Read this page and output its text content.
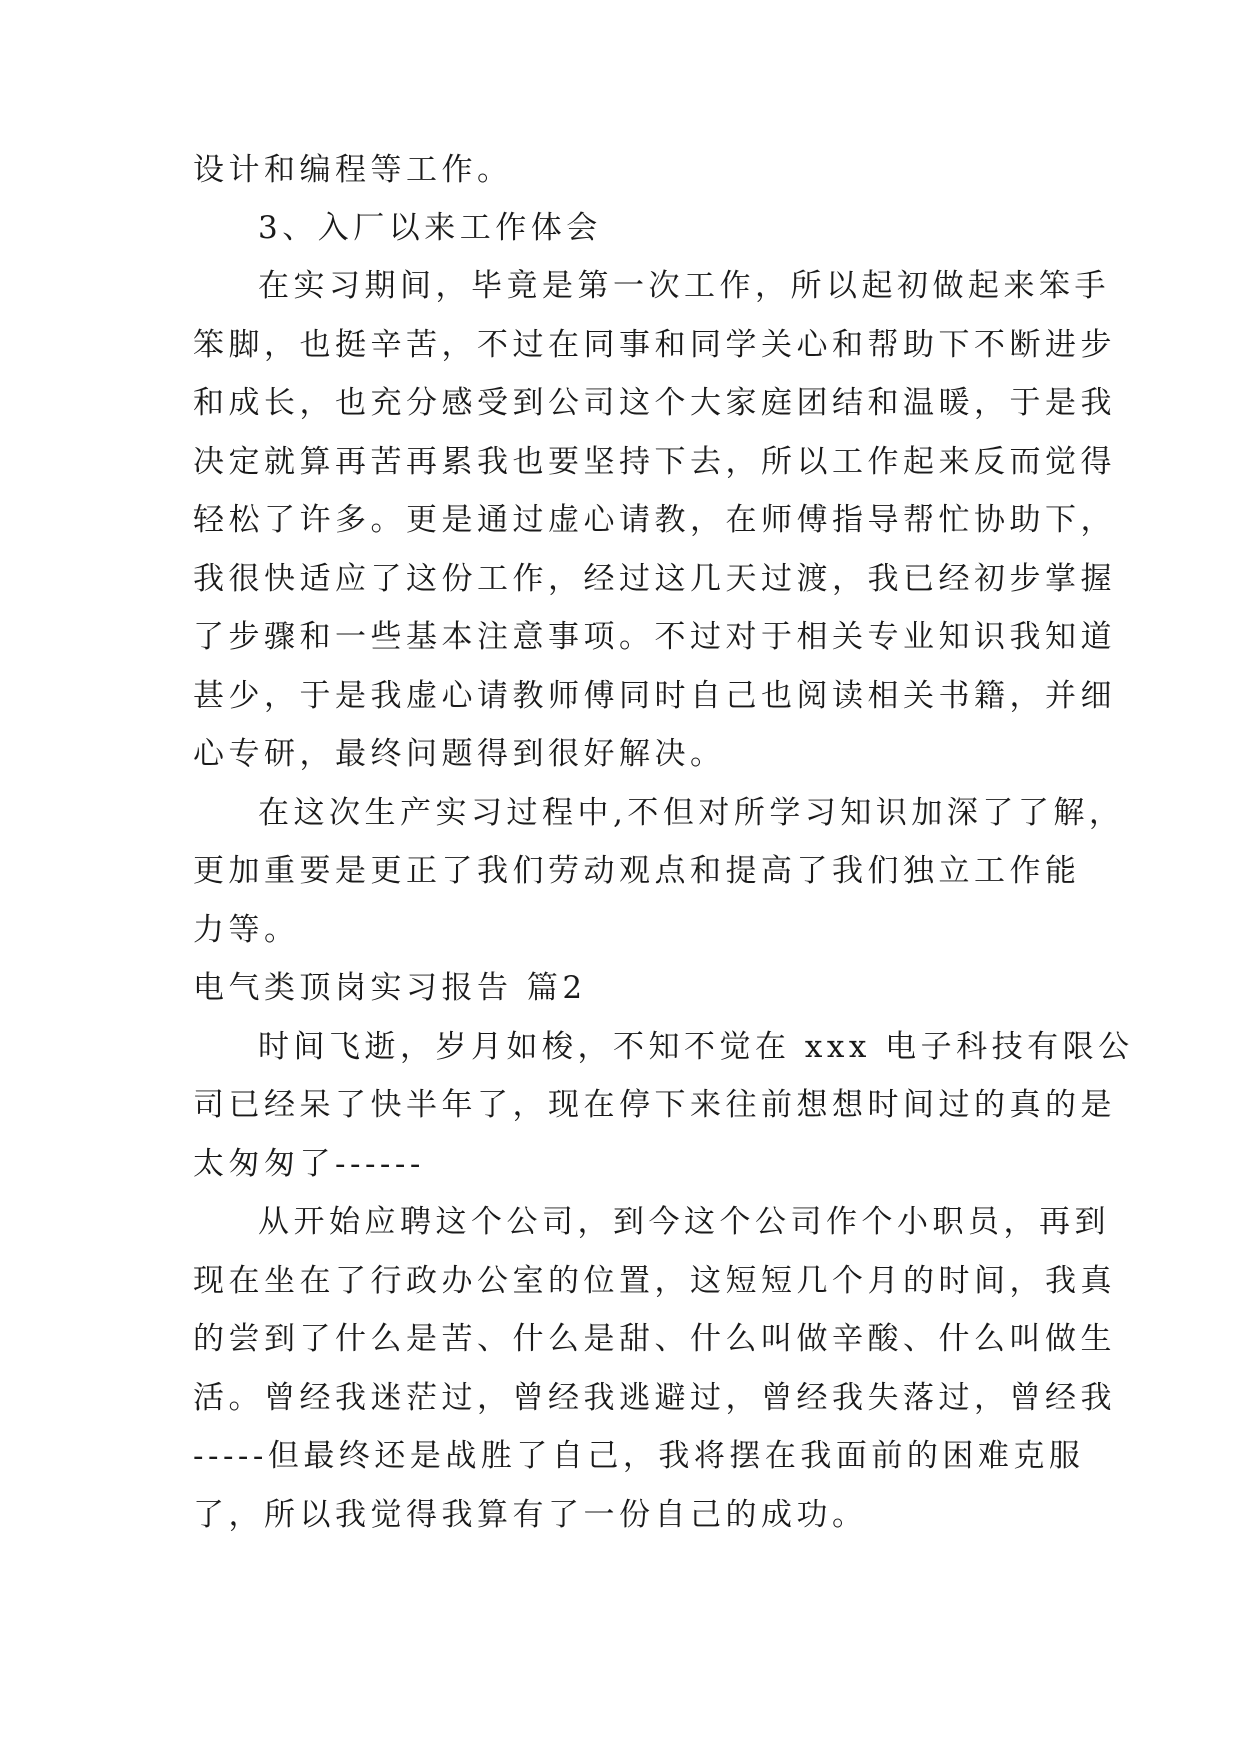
设计和编程等工作。

3、入厂以来工作体会

在实习期间，毕竟是第一次工作，所以起初做起来笨手

笨脚，也挺辛苦，不过在同事和同学关心和帮助下不断进步

和成长，也充分感受到公司这个大家庭团结和温暖，于是我

决定就算再苦再累我也要坚持下去，所以工作起来反而觉得

轻松了许多。更是通过虚心请教，在师傅指导帮忙协助下，

我很快适应了这份工作，经过这几天过渡，我已经初步掌握

了步骤和一些基本注意事项。不过对于相关专业知识我知道

甚少，于是我虚心请教师傅同时自己也阅读相关书籍，并细

心专研，最终问题得到很好解决。

在这次生产实习过程中,不但对所学习知识加深了了解，

更加重要是更正了我们劳动观点和提高了我们独立工作能

力等。

电气类顶岗实习报告 篇2

时间飞逝，岁月如梭，不知不觉在 xxx 电子科技有限公

司已经呆了快半年了，现在停下来往前想想时间过的真的是

太匆匆了------

从开始应聘这个公司，到今这个公司作个小职员，再到

现在坐在了行政办公室的位置，这短短几个月的时间，我真

的尝到了什么是苦、什么是甜、什么叫做辛酸、什么叫做生

活。曾经我迷茫过，曾经我逃避过，曾经我失落过，曾经我

-----但最终还是战胜了自己，我将摆在我面前的困难克服

了，所以我觉得我算有了一份自己的成功。
